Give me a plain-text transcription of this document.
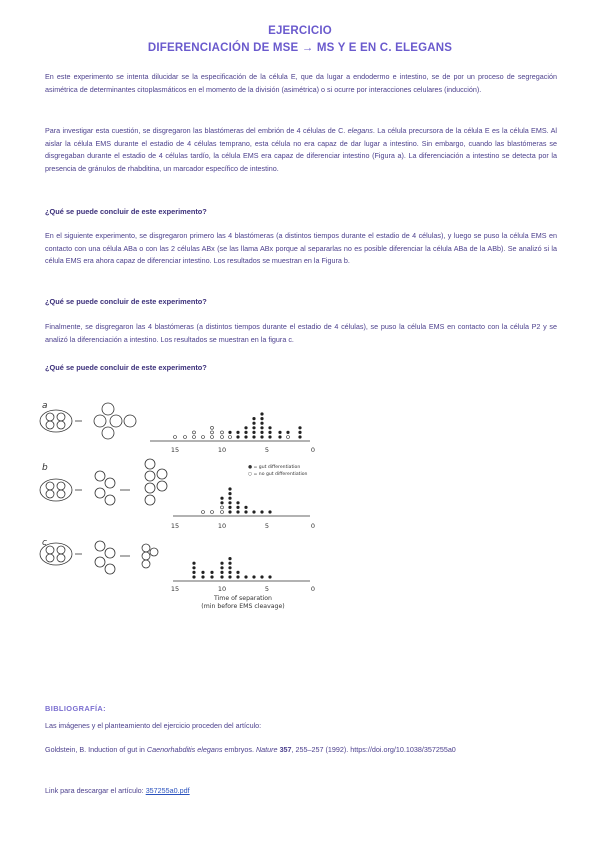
EJERCICIO
DIFERENCIACIÓN DE MSE → MS Y E EN C. ELEGANS
En este experimento se intenta dilucidar se la especificación de la célula E, que da lugar a endodermo e intestino, se de por un proceso de segregación asimétrica de determinantes citoplasmáticos en el momento de la división (asimétrica) o si ocurre por interacciones celulares (inducción).
Para investigar esta cuestión, se disgregaron las blastómeras del embrión de 4 células de C. elegans. La célula precursora de la célula E es la célula EMS. Al aislar la célula EMS durante el estadio de 4 células temprano, esta célula no era capaz de dar lugar a intestino. Sin embargo, cuando las blastómeras se disgregaban durante el estadio de 4 células tardío, la célula EMS era capaz de diferenciar intestino (Figura a). La diferenciación a intestino se detecta por la presencia de gránulos de rhabditina, un marcador específico de intestino.
¿Qué se puede concluir de este experimento?
En el siguiente experimento, se disgregaron primero las 4 blastómeras (a distintos tiempos durante el estadio de 4 células), y luego se puso la célula EMS en contacto con una célula ABa o con las 2 células ABx (se las llama ABx porque al separarlas no es posible diferenciar la célula ABa de la ABb). Se analizó si la célula EMS era ahora capaz de diferenciar intestino. Los resultados se muestran en la Figura b.
¿Qué se puede concluir de este experimento?
Finalmente, se disgregaron las 4 blastómeras (a distintos tiempos durante el estadio de 4 células), se puso la célula EMS en contacto con la célula P2 y se analizó la diferenciación a intestino. Los resultados se muestran en la figura c.
¿Qué se puede concluir de este experimento?
a
b	● = gut differentiation
○ = no gut differentiation
c
15	10	5	0
15	10	5	0
15	10	5	0
Time of separation
(min before EMS cleavage)
BIBLIOGRAFÍA:
Las imágenes y el planteamiento del ejercicio proceden del artículo:
Goldstein, B. Induction of gut in Caenorhabditis elegans embryos. Nature 357, 255–257 (1992). https://doi.org/10.1038/357255a0
Link para descargar el artículo: 357255a0.pdf
